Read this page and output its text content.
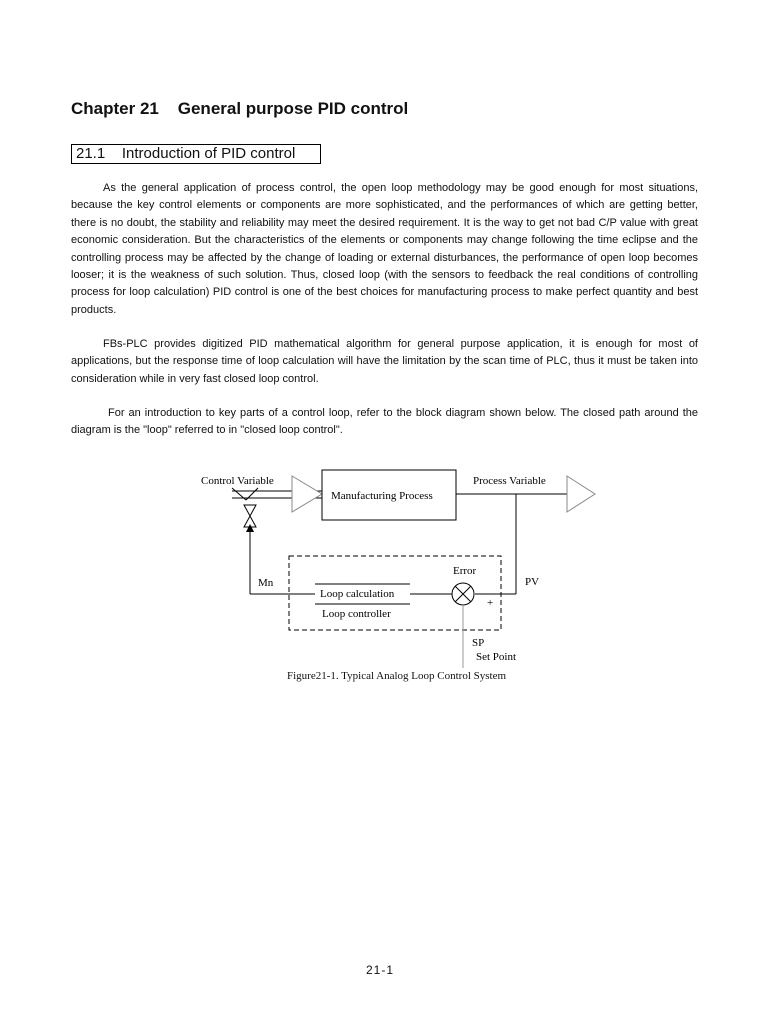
Chapter 21    General purpose PID control
21.1    Introduction of PID control

As the general application of process control, the open loop methodology may be good enough for most situations, because the key control elements or components are more sophisticated, and the performances of which are getting better, there is no doubt, the stability and reliability may meet the desired requirement. It is the way to get not bad C/P value with great economic consideration. But the characteristics of the elements or components may change following the time eclipse and the controlling process may be affected by the change of loading or external disturbances, the performance of open loop becomes looser; it is the weakness of such solution. Thus, closed loop (with the sensors to feedback the real conditions of controlling process for loop calculation) PID control is one of the best choices for manufacturing process to make perfect quantity and best products.

FBs-PLC provides digitized PID mathematical algorithm for general purpose application, it is enough for most of applications, but the response time of loop calculation will have the limitation by the scan time of PLC, thus it must be taken into consideration while in very fast closed loop control.

For an introduction to key parts of a control loop, refer to the block diagram shown below. The closed path around the diagram is the "loop" referred to in "closed loop control".

Control Variable
Manufacturing Process
Process Variable
Mn
Error
PV
Loop calculation
Loop controller
+
SP
Set Point
Figure21-1. Typical Analog Loop Control System
21-1
